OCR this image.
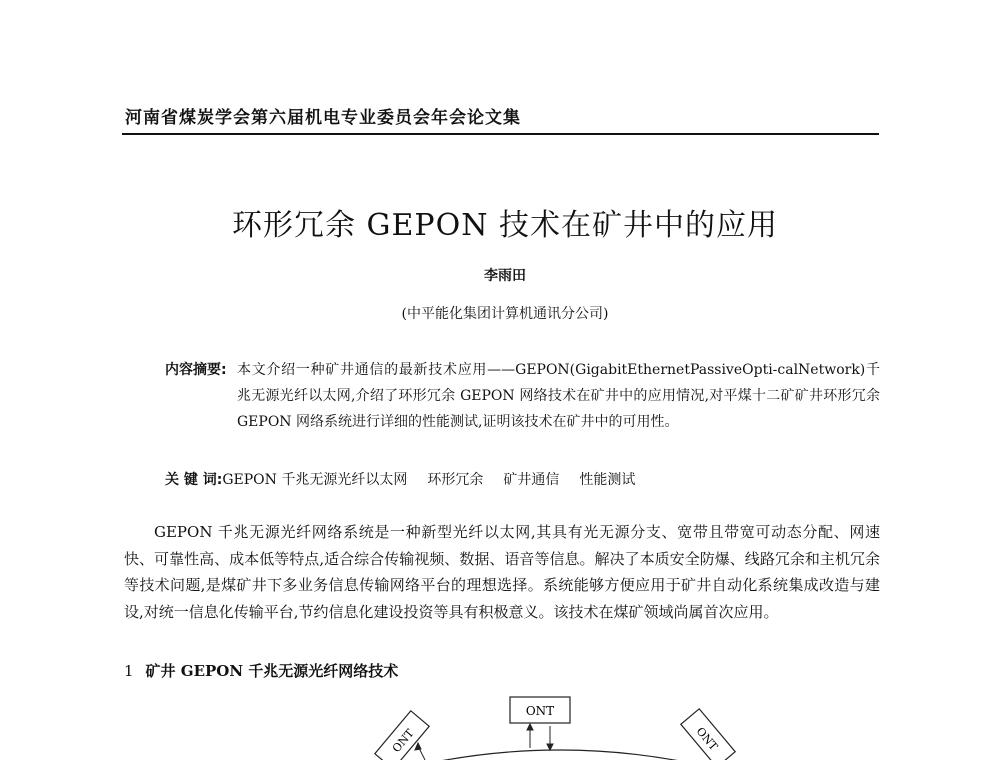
河南省煤炭学会第六届机电专业委员会年会论文集
环形冗余 GEPON 技术在矿井中的应用
李雨田
(中平能化集团计算机通讯分公司)
内容摘要: 本文介绍一种矿井通信的最新技术应用——GEPON(GigabitEthernetPassiveOpti-calNetwork)千兆无源光纤以太网,介绍了环形冗余 GEPON 网络技术在矿井中的应用情况,对平煤十二矿矿井环形冗余 GEPON 网络系统进行详细的性能测试,证明该技术在矿井中的可用性。
关 键 词:GEPON 千兆无源光纤以太网 环形冗余 矿井通信 性能测试

GEPON 千兆无源光纤网络系统是一种新型光纤以太网,其具有光无源分支、宽带且带宽可动态分配、网速快、可靠性高、成本低等特点,适合综合传输视频、数据、语音等信息。解决了本质安全防爆、线路冗余和主机冗余等技术问题,是煤矿井下多业务信息传输网络平台的理想选择。系统能够方便应用于矿井自动化系统集成改造与建设,对统一信息化传输平台,节约信息化建设投资等具有积极意义。该技术在煤矿领域尚属首次应用。

1 矿井 GEPON 千兆无源光纤网络技术
ONT
ONT	ONT
